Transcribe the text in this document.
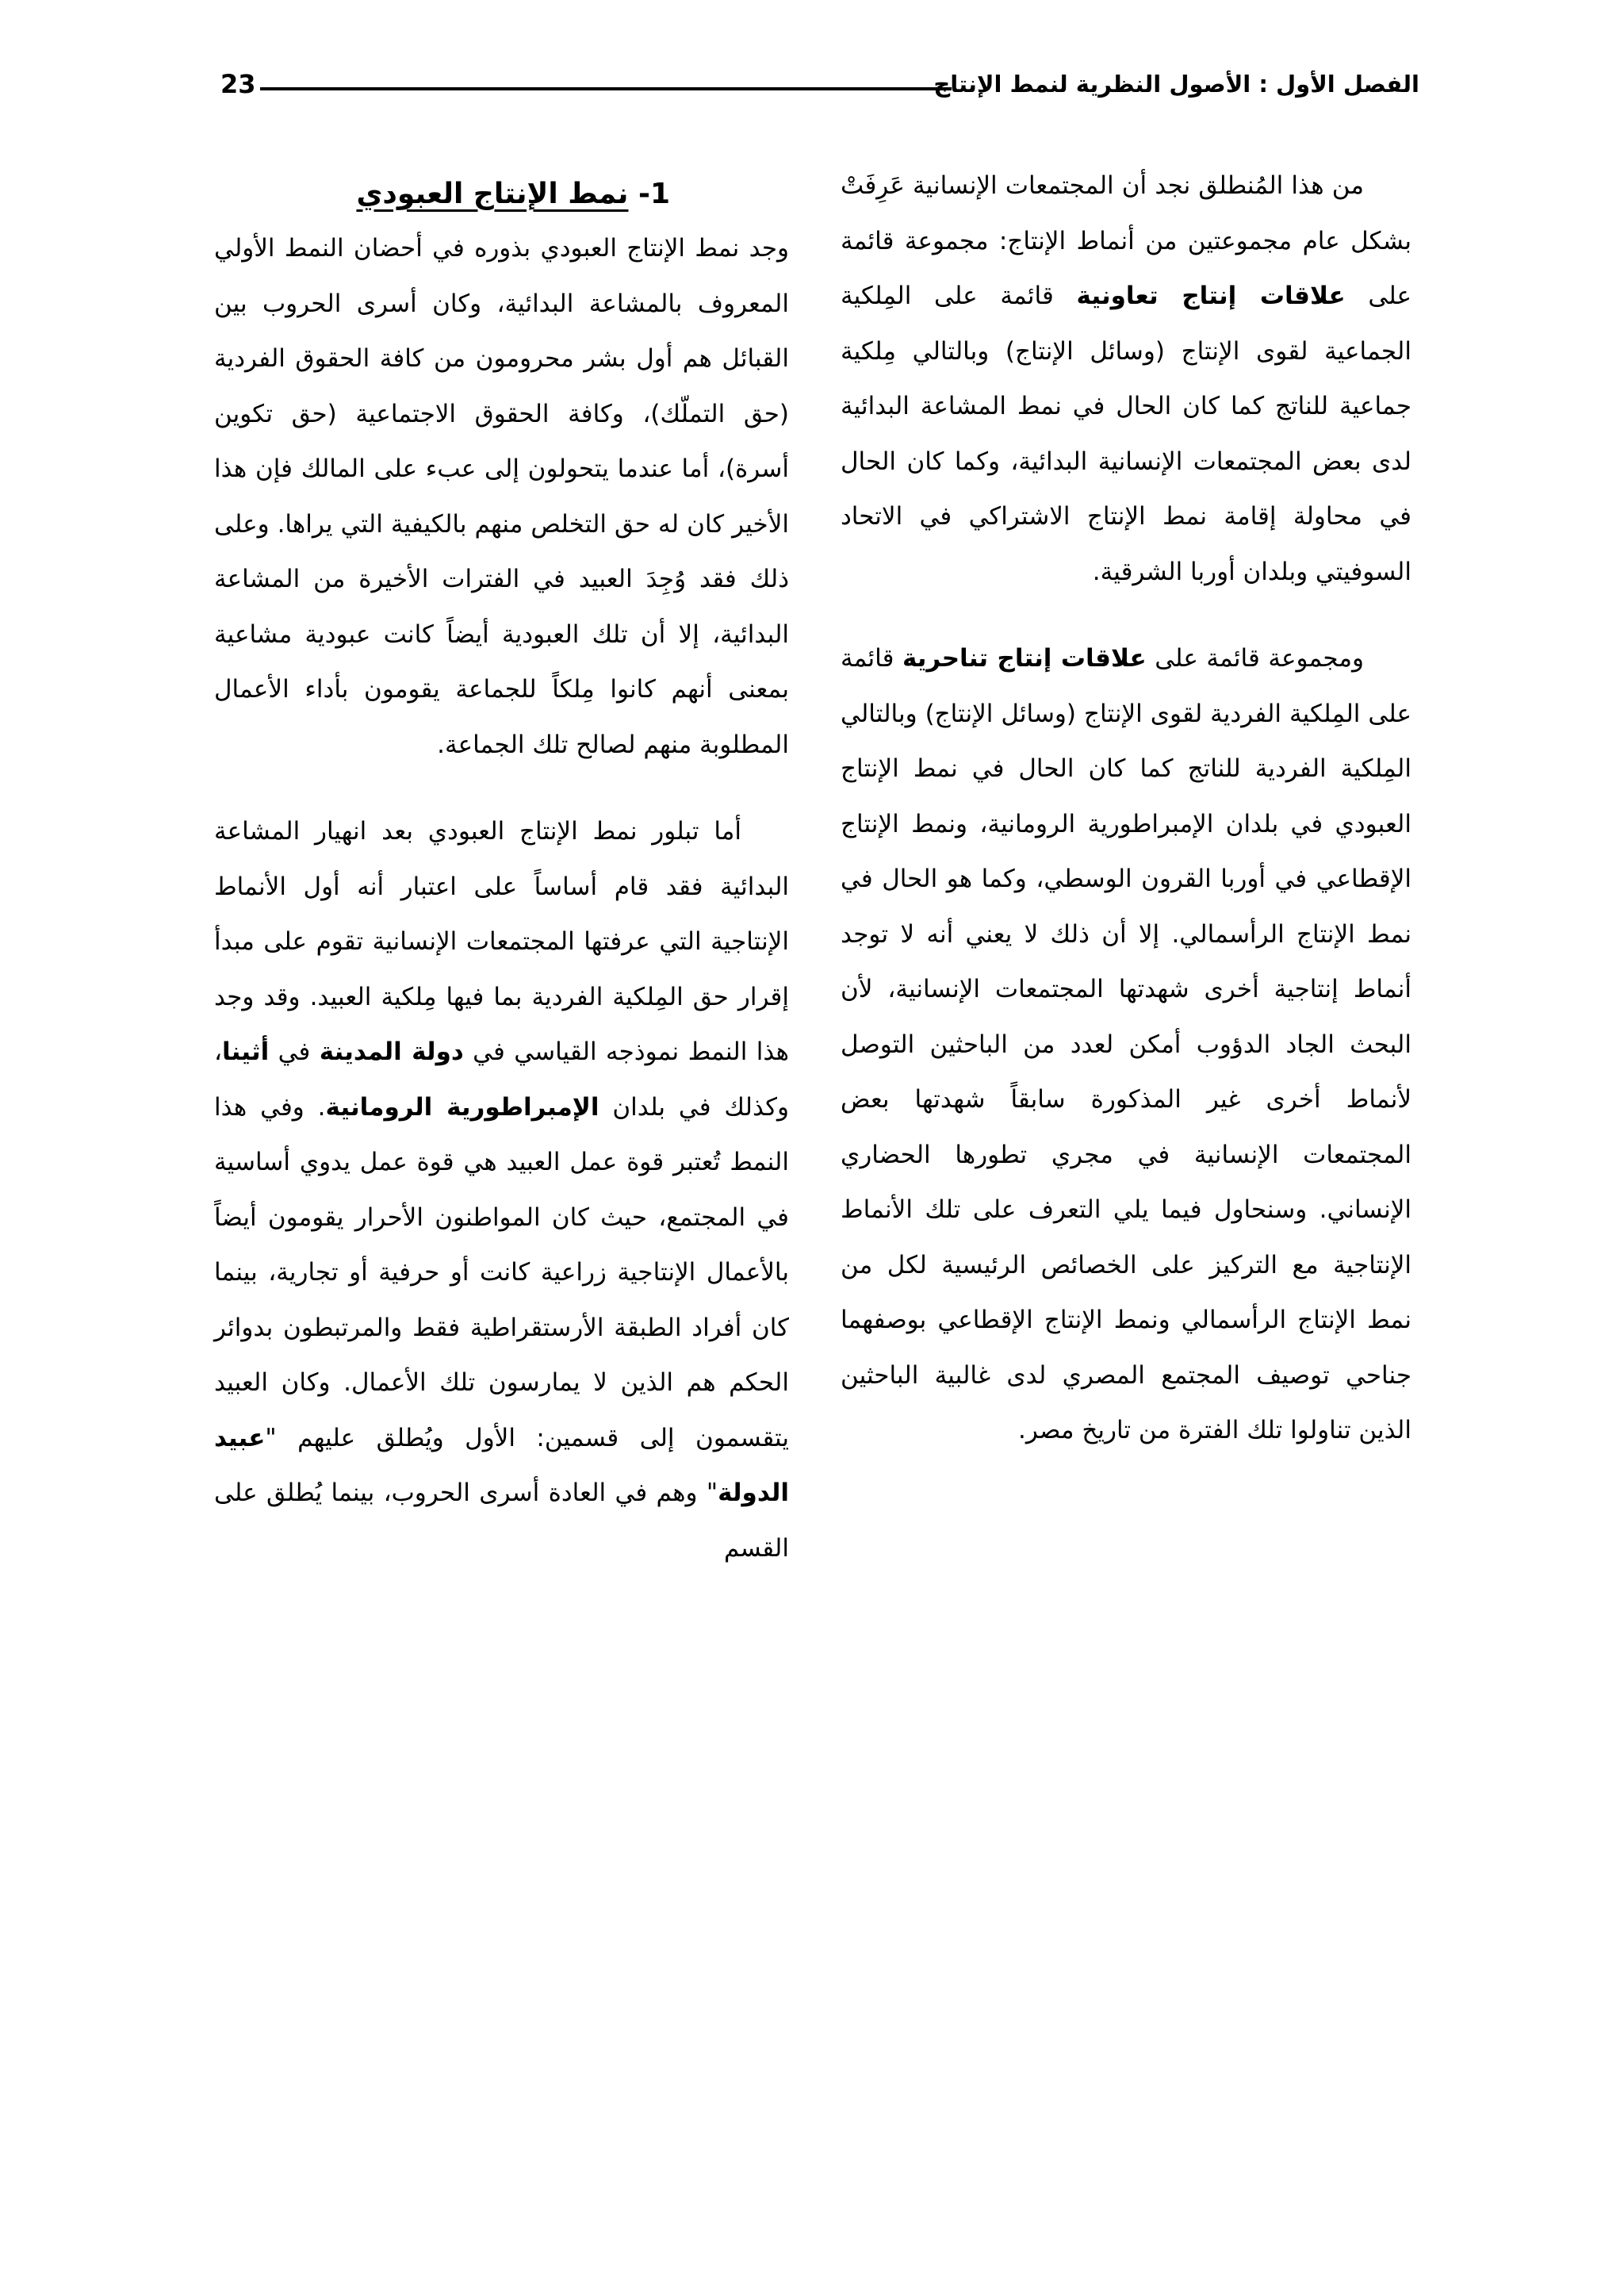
الفصل الأول : الأصول النظرية لنمط الإنتاج
23

من هذا المُنطلق نجد أن المجتمعات الإنسانية عَرِفَتْ بشكل عام مجموعتين من أنماط الإنتاج: مجموعة قائمة على علاقات إنتاج تعاونية قائمة على المِلكية الجماعية لقوى الإنتاج (وسائل الإنتاج) وبالتالي مِلكية جماعية للناتج كما كان الحال في نمط المشاعة البدائية لدى بعض المجتمعات الإنسانية البدائية، وكما كان الحال في محاولة إقامة نمط الإنتاج الاشتراكي في الاتحاد السوفيتي وبلدان أوربا الشرقية.

ومجموعة قائمة على علاقات إنتاج تناحرية قائمة على المِلكية الفردية لقوى الإنتاج (وسائل الإنتاج) وبالتالي المِلكية الفردية للناتج كما كان الحال في نمط الإنتاج العبودي في بلدان الإمبراطورية الرومانية، ونمط الإنتاج الإقطاعي في أوربا القرون الوسطي، وكما هو الحال في نمط الإنتاج الرأسمالي. إلا أن ذلك لا يعني أنه لا توجد أنماط إنتاجية أخرى شهدتها المجتمعات الإنسانية، لأن البحث الجاد الدؤوب أمكن لعدد من الباحثين التوصل لأنماط أخرى غير المذكورة سابقاً شهدتها بعض المجتمعات الإنسانية في مجري تطورها الحضاري الإنساني. وسنحاول فيما يلي التعرف على تلك الأنماط الإنتاجية مع التركيز على الخصائص الرئيسية لكل من نمط الإنتاج الرأسمالي ونمط الإنتاج الإقطاعي بوصفهما جناحي توصيف المجتمع المصري لدى غالبية الباحثين الذين تناولوا تلك الفترة من تاريخ مصر.

1- نمط الإنتاج العبودي

وجد نمط الإنتاج العبودي بذوره في أحضان النمط الأولي المعروف بالمشاعة البدائية، وكان أسرى الحروب بين القبائل هم أول بشر محرومون من كافة الحقوق الفردية (حق التملّك)، وكافة الحقوق الاجتماعية (حق تكوين أسرة)، أما عندما يتحولون إلى عبء على المالك فإن هذا الأخير كان له حق التخلص منهم بالكيفية التي يراها. وعلى ذلك فقد وُجِدَ العبيد في الفترات الأخيرة من المشاعة البدائية، إلا أن تلك العبودية أيضاً كانت عبودية مشاعية بمعنى أنهم كانوا مِلكاً للجماعة يقومون بأداء الأعمال المطلوبة منهم لصالح تلك الجماعة.

أما تبلور نمط الإنتاج العبودي بعد انهيار المشاعة البدائية فقد قام أساساً على اعتبار أنه أول الأنماط الإنتاجية التي عرفتها المجتمعات الإنسانية تقوم على مبدأ إقرار حق المِلكية الفردية بما فيها مِلكية العبيد. وقد وجد هذا النمط نموذجه القياسي في دولة المدينة في أثينا، وكذلك في بلدان الإمبراطورية الرومانية. وفي هذا النمط تُعتبر قوة عمل العبيد هي قوة عمل يدوي أساسية في المجتمع، حيث كان المواطنون الأحرار يقومون أيضاً بالأعمال الإنتاجية زراعية كانت أو حرفية أو تجارية، بينما كان أفراد الطبقة الأرستقراطية فقط والمرتبطون بدوائر الحكم هم الذين لا يمارسون تلك الأعمال. وكان العبيد يتقسمون إلى قسمين: الأول ويُطلق عليهم "عبيد الدولة" وهم في العادة أسرى الحروب، بينما يُطلق على القسم
